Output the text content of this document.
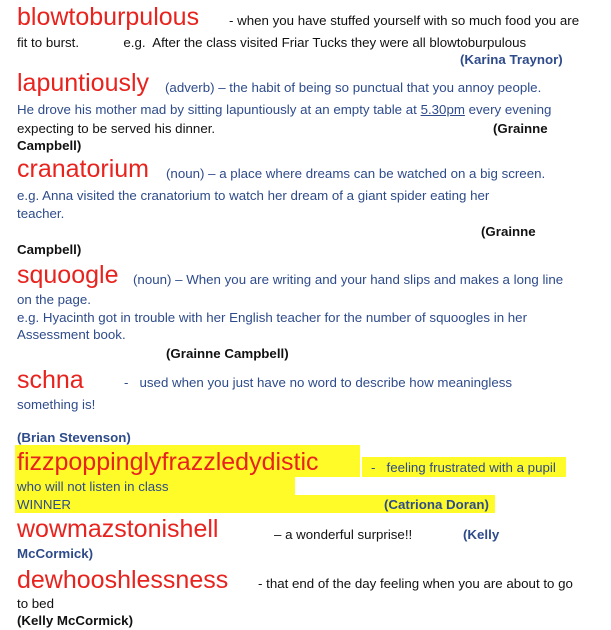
blowtoburpulous - when you have stuffed yourself with so much food you are
fit to burst.            e.g.  After the class visited Friar Tucks they were all blowtoburpulous
(Karina Traynor)
lapuntiously (adverb) – the habit of being so punctual that you annoy people.
He drove his mother mad by sitting lapuntiously at an empty table at 5.30pm every evening
expecting to be served his dinner.	(Grainne
Campbell)
cranatorium (noun) – a place where dreams can be watched on a big screen.
e.g. Anna visited the cranatorium to watch her dream of a giant spider eating her
teacher.
(Grainne
Campbell)
squoogle (noun) – When you are writing and your hand slips and makes a long line
on the page.
e.g. Hyacinth got in trouble with her English teacher for the number of squoogles in her
Assessment book.
(Grainne Campbell)
schna	-   used when you just have no word to describe how meaningless
something is!
(Brian Stevenson)
fizzpoppinglyfrazzledydistic	-   feeling frustrated with a pupil
who will not listen in class
WINNER	(Catriona Doran)
wowmazstonishell	– a wonderful surprise!!	(Kelly
McCormick)
dewhooshlessness - that end of the day feeling when you are about to go
to bed
(Kelly McCormick)
